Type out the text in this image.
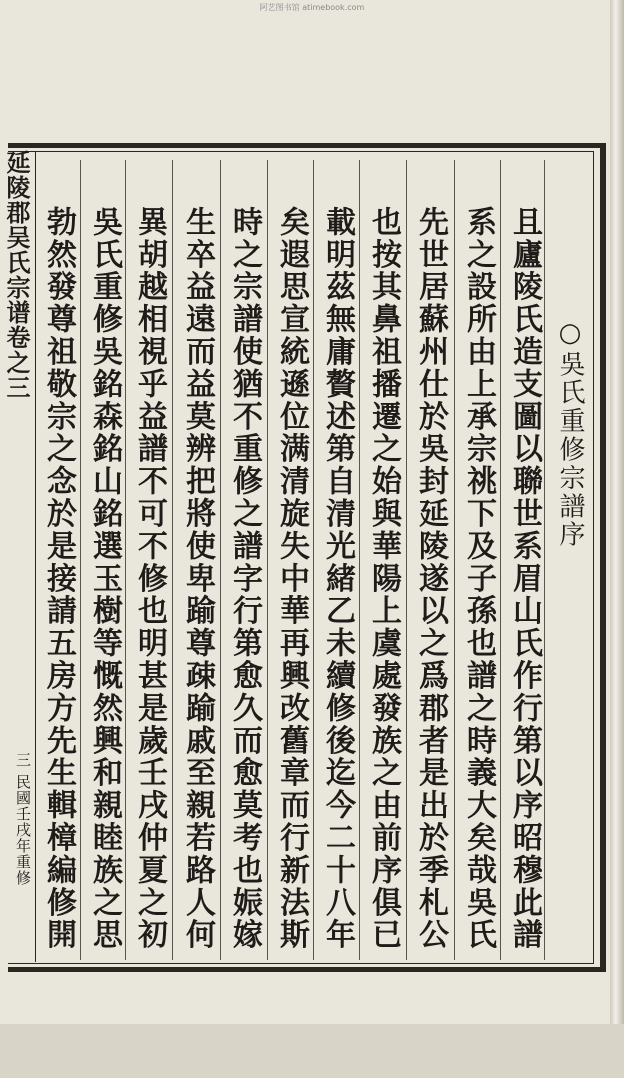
阿艺图书馆 atimebook.com
延陵郡吴氏宗谱卷之三
三 民國壬戌年重修
○吳氏重修宗譜序
且廬陵氏造支圖以聯世系眉山氏作行第以序昭穆此譜
系之設所由上承宗祧下及子孫也譜之時義大矣哉吳氏
先世居蘇州仕於吳封延陵遂以之爲郡者是出於季札公
也按其鼻祖播遷之始與華陽上虞處發族之由前序俱已
載明茲無庸贅述第自清光緒乙未續修後迄今二十八年
矣遐思宣統遜位满清旋失中華再興改舊章而行新法斯
時之宗譜使猶不重修之譜字行第愈久而愈莫考也娠嫁
生卒益遠而益莫辨把將使卑踰尊疎踰戚至親若路人何
異胡越相視乎益譜不可不修也明甚是歲壬戌仲夏之初
吳氏重修吳銘森銘山銘選玉樹等慨然興和親睦族之思
勃然發尊祖敬宗之念於是接請五房方先生輯樟編修開
